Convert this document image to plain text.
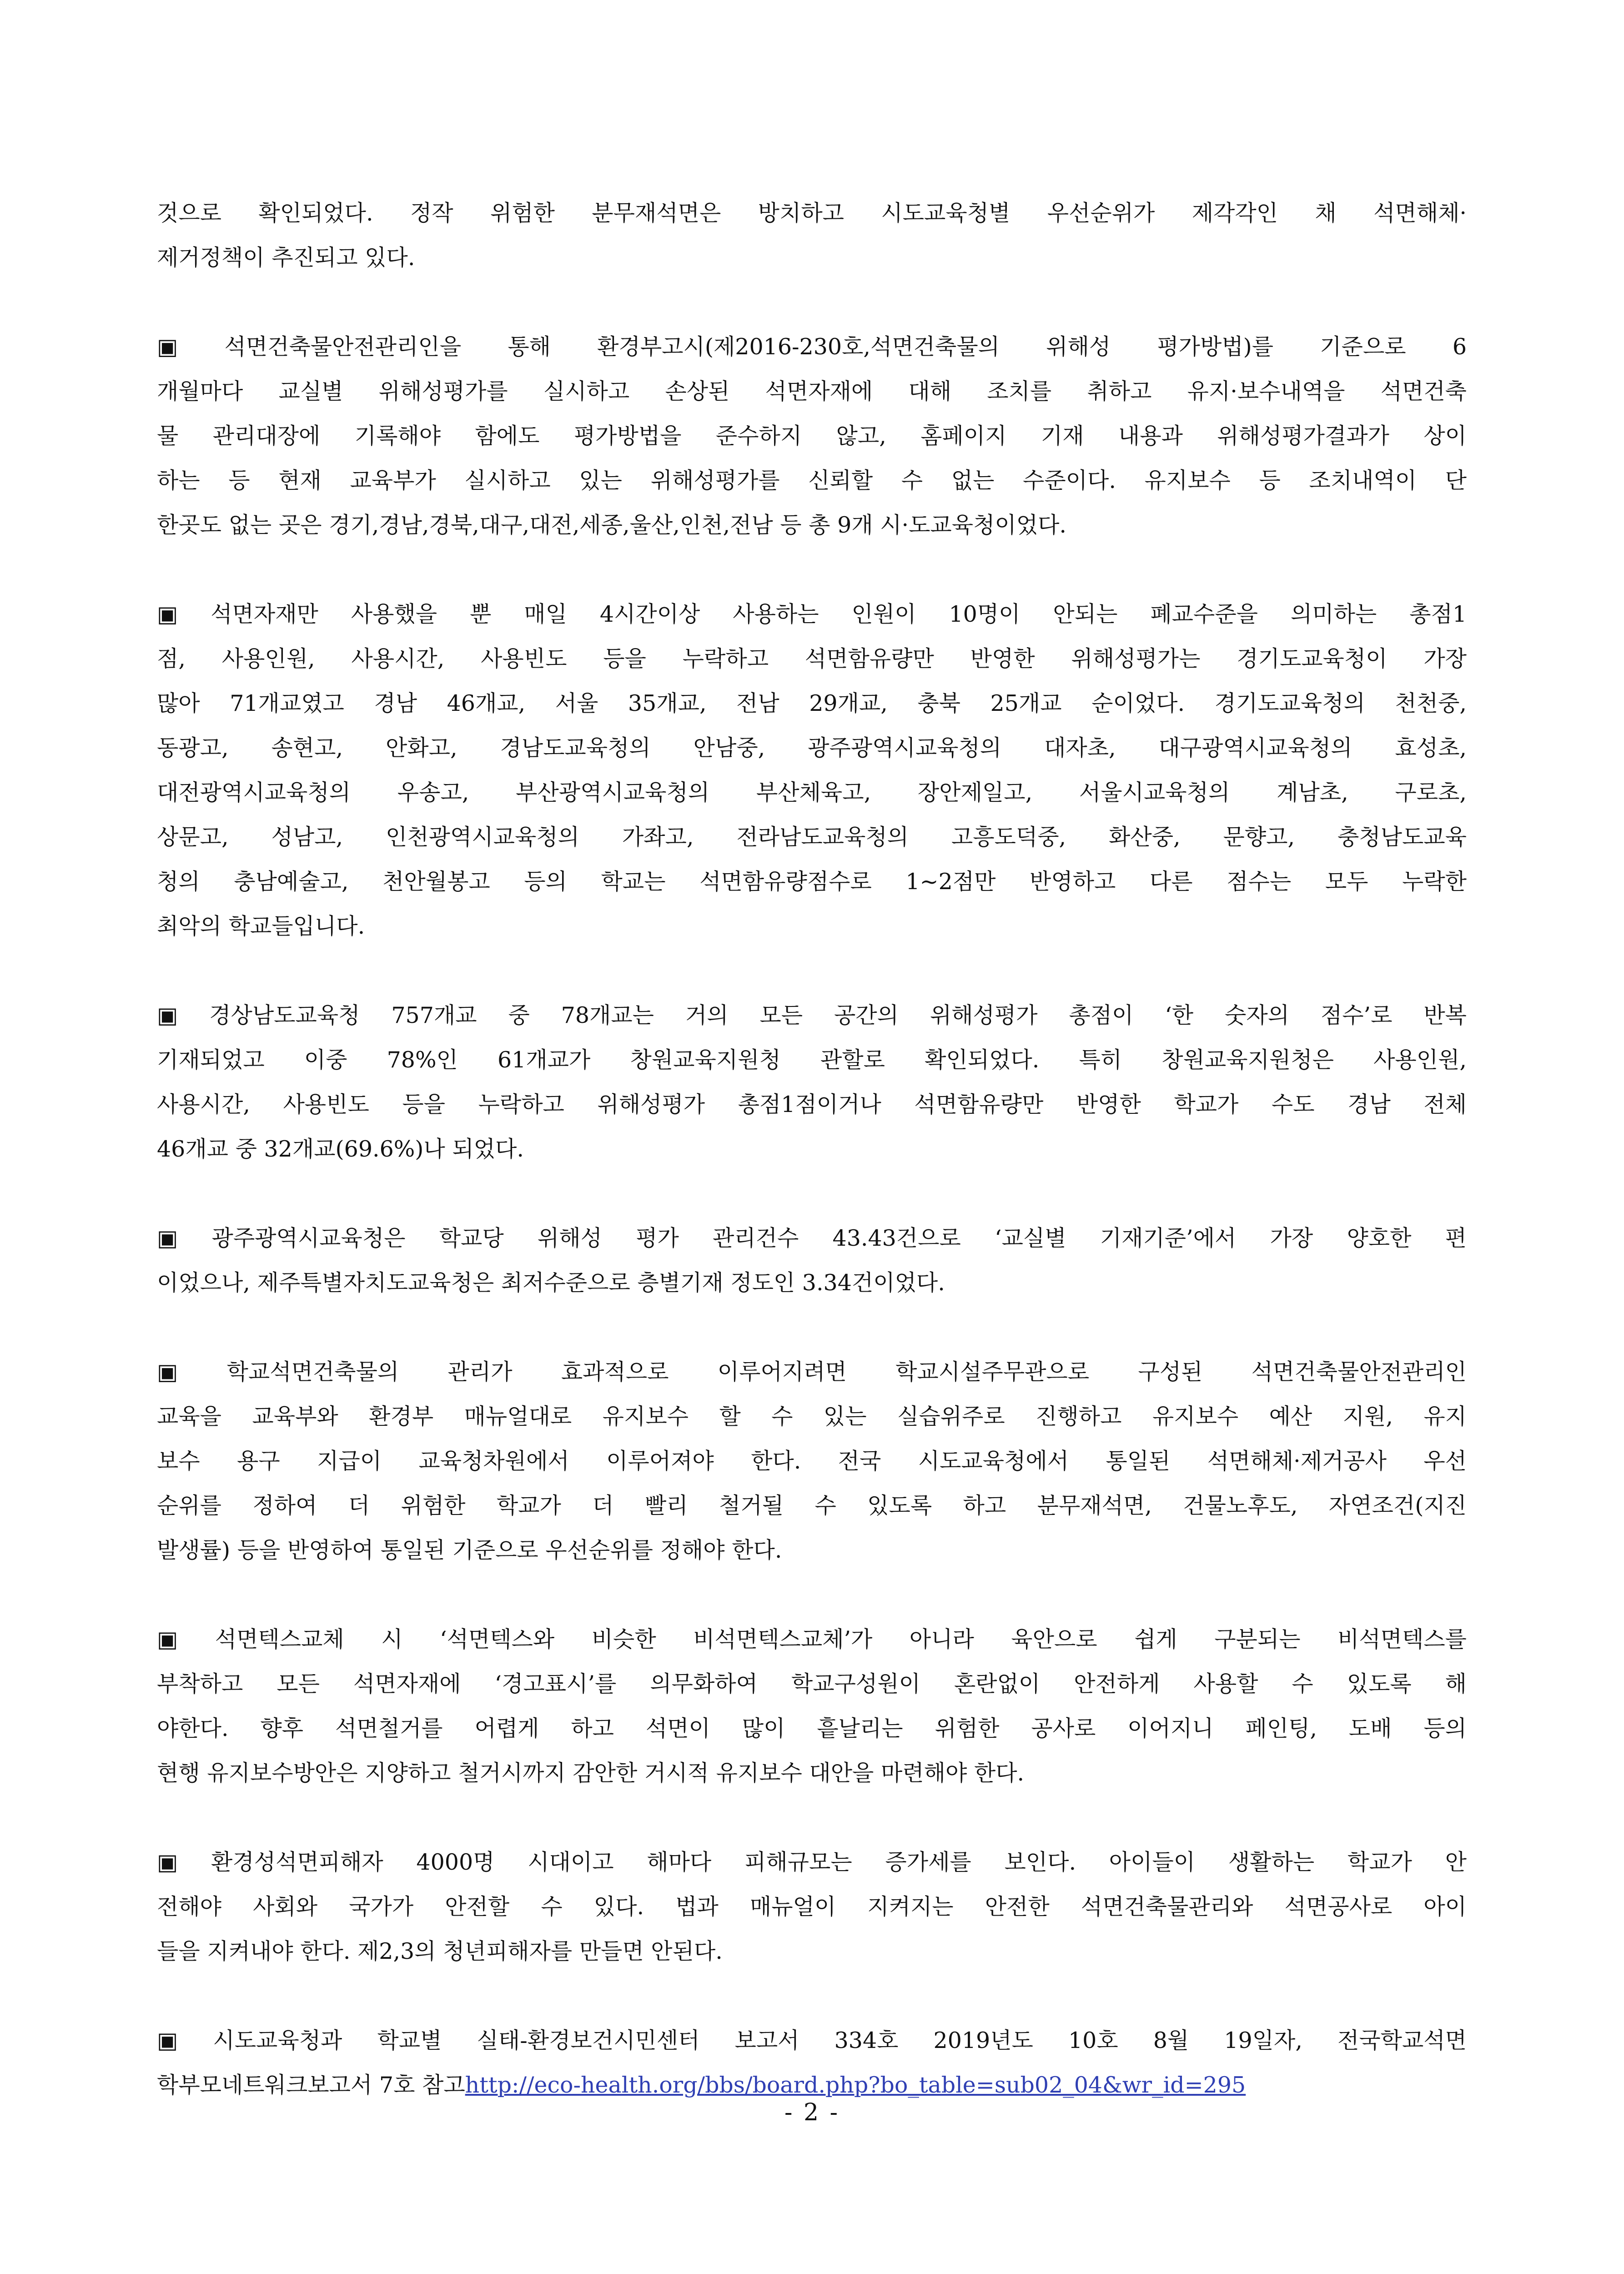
것으로 확인되었다. 정작 위험한 분무재석면은 방치하고 시도교육청별 우선순위가 제각각인 채 석면해체·
제거정책이 추진되고 있다.
▣ 석면건축물안전관리인을 통해 환경부고시(제2016-230호,석면건축물의 위해성 평가방법)를 기준으로 6
개월마다 교실별 위해성평가를 실시하고 손상된 석면자재에 대해 조치를 취하고 유지·보수내역을 석면건축
물 관리대장에 기록해야 함에도 평가방법을 준수하지 않고, 홈페이지 기재 내용과 위해성평가결과가 상이
하는 등 현재 교육부가 실시하고 있는 위해성평가를 신뢰할 수 없는 수준이다. 유지보수 등 조치내역이 단
한곳도 없는 곳은 경기,경남,경북,대구,대전,세종,울산,인천,전남 등 총 9개 시·도교육청이었다.
▣ 석면자재만 사용했을 뿐 매일 4시간이상 사용하는 인원이 10명이 안되는 폐교수준을 의미하는 총점1
점, 사용인원, 사용시간, 사용빈도 등을 누락하고 석면함유량만 반영한 위해성평가는 경기도교육청이 가장
많아 71개교였고 경남 46개교, 서울 35개교, 전남 29개교, 충북 25개교 순이었다. 경기도교육청의 천천중,
동광고, 송현고, 안화고, 경남도교육청의 안남중, 광주광역시교육청의 대자초, 대구광역시교육청의 효성초,
대전광역시교육청의 우송고, 부산광역시교육청의 부산체육고, 장안제일고, 서울시교육청의 계남초, 구로초,
상문고, 성남고, 인천광역시교육청의 가좌고, 전라남도교육청의 고흥도덕중, 화산중, 문향고, 충청남도교육
청의 충남예술고, 천안월봉고 등의 학교는 석면함유량점수로 1~2점만 반영하고 다른 점수는 모두 누락한
최악의 학교들입니다.
▣ 경상남도교육청 757개교 중 78개교는 거의 모든 공간의 위해성평가 총점이 ‘한 숫자의 점수’로 반복
기재되었고 이중 78%인 61개교가 창원교육지원청 관할로 확인되었다. 특히 창원교육지원청은 사용인원,
사용시간, 사용빈도 등을 누락하고 위해성평가 총점1점이거나 석면함유량만 반영한 학교가 수도 경남 전체
46개교 중 32개교(69.6%)나 되었다.
▣ 광주광역시교육청은 학교당 위해성 평가 관리건수 43.43건으로 ‘교실별 기재기준’에서 가장 양호한 편
이었으나, 제주특별자치도교육청은 최저수준으로 층별기재 정도인 3.34건이었다.
▣ 학교석면건축물의 관리가 효과적으로 이루어지려면 학교시설주무관으로 구성된 석면건축물안전관리인
교육을 교육부와 환경부 매뉴얼대로 유지보수 할 수 있는 실습위주로 진행하고 유지보수 예산 지원, 유지
보수 용구 지급이 교육청차원에서 이루어져야 한다. 전국 시도교육청에서 통일된 석면해체·제거공사 우선
순위를 정하여 더 위험한 학교가 더 빨리 철거될 수 있도록 하고 분무재석면, 건물노후도, 자연조건(지진
발생률) 등을 반영하여 통일된 기준으로 우선순위를 정해야 한다.
▣ 석면텍스교체 시 ‘석면텍스와 비슷한 비석면텍스교체’가 아니라 육안으로 쉽게 구분되는 비석면텍스를
부착하고 모든 석면자재에 ‘경고표시’를 의무화하여 학교구성원이 혼란없이 안전하게 사용할 수 있도록 해
야한다. 향후 석면철거를 어렵게 하고 석면이 많이 흩날리는 위험한 공사로 이어지니 페인팅, 도배 등의
현행 유지보수방안은 지양하고 철거시까지 감안한 거시적 유지보수 대안을 마련해야 한다.
▣ 환경성석면피해자 4000명 시대이고 해마다 피해규모는 증가세를 보인다. 아이들이 생활하는 학교가 안
전해야 사회와 국가가 안전할 수 있다. 법과 매뉴얼이 지켜지는 안전한 석면건축물관리와 석면공사로 아이
들을 지켜내야 한다. 제2,3의 청년피해자를 만들면 안된다.
▣ 시도교육청과 학교별 실태-환경보건시민센터 보고서 334호 2019년도 10호 8월 19일자, 전국학교석면
학부모네트워크보고서 7호 참고http://eco-health.org/bbs/board.php?bo_table=sub02_04&wr_id=295
- 2 -
